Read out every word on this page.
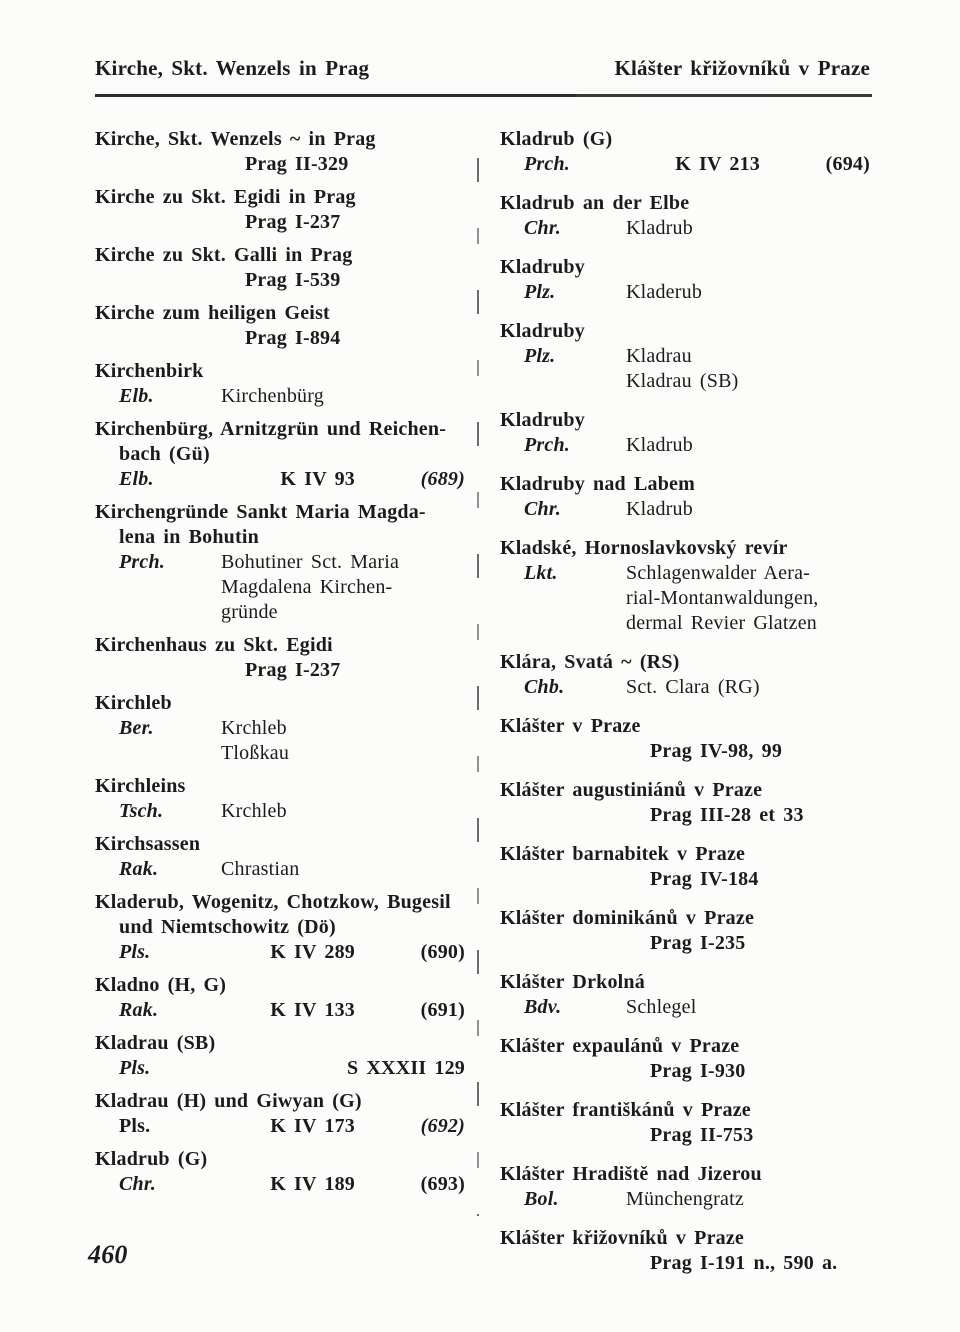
Kirche, Skt. Wenzels in Prag	Klášter křižovníků v Praze
Kirche, Skt. Wenzels ~ in Prag
Prag II-329
Kirche zu Skt. Egidi in Prag
Prag I-237
Kirche zu Skt. Galli in Prag
Prag I-539
Kirche zum heiligen Geist
Prag I-894
Kirchenbirk
Elb.	Kirchenbürg
Kirchenbürg, Arnitzgrün und Reichen-
bach (Gü)
Elb.	K IV 93	(689)
Kirchengründe Sankt Maria Magda-
lena in Bohutin
Prch.	Bohutiner Sct. Maria
Magdalena Kirchen-
gründe
Kirchenhaus zu Skt. Egidi
Prag I-237
Kirchleb
Ber.	Krchleb
Tloßkau
Kirchleins
Tsch.	Krchleb
Kirchsassen
Rak.	Chrastian
Kladerub, Wogenitz, Chotzkow, Bugesil
und Niemtschowitz (Dö)
Pls.	K IV 289	(690)
Kladno (H, G)
Rak.	K IV 133	(691)
Kladrau (SB)
Pls.	S XXXII 129
Kladrau (H) und Giwyan (G)
Pls.	K IV 173	(692)
Kladrub (G)
Chr.	K IV 189	(693)
Kladrub (G)
Prch.	K IV 213	(694)
Kladrub an der Elbe
Chr.	Kladrub
Kladruby
Plz.	Kladerub
Kladruby
Plz.	Kladrau
Kladrau (SB)
Kladruby
Prch.	Kladrub
Kladruby nad Labem
Chr.	Kladrub
Kladské, Hornoslavkovský revír
Lkt.	Schlagenwalder Aera-
rial-Montanwaldungen,
dermal Revier Glatzen
Klára, Svatá ~ (RS)
Chb.	Sct. Clara (RG)
Klášter v Praze
Prag IV-98, 99
Klášter augustiniánů v Praze
Prag III-28 et 33
Klášter barnabitek v Praze
Prag IV-184
Klášter dominikánů v Praze
Prag I-235
Klášter Drkolná
Bdv.	Schlegel
Klášter expaulánů v Praze
Prag I-930
Klášter františkánů v Praze
Prag II-753
Klášter Hradiště nad Jizerou
Bol.	Münchengratz
Klášter křižovníků v Praze
Prag I-191 n., 590 a.
460
